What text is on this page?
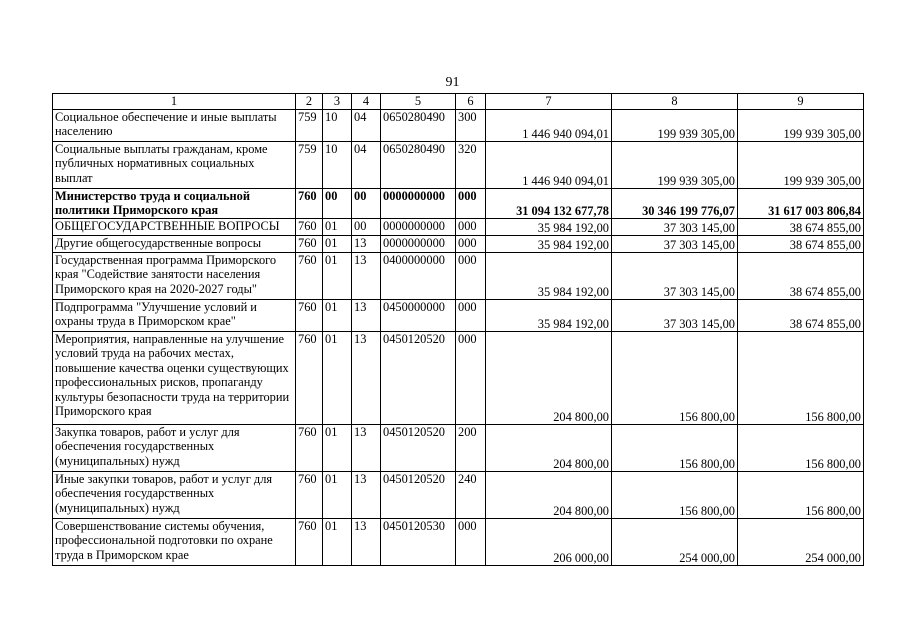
91
1	2	3	4	5	6	7	8	9
Социальное обеспечение и иные выплаты населению	759	10	04	0650280490	300	1 446 940 094,01	199 939 305,00	199 939 305,00
Социальные выплаты гражданам, кроме публичных нормативных социальных выплат	759	10	04	0650280490	320	1 446 940 094,01	199 939 305,00	199 939 305,00
Министерство труда и социальной политики Приморского края	760	00	00	0000000000	000	31 094 132 677,78	30 346 199 776,07	31 617 003 806,84
ОБЩЕГОСУДАРСТВЕННЫЕ ВОПРОСЫ	760	01	00	0000000000	000	35 984 192,00	37 303 145,00	38 674 855,00
Другие общегосударственные вопросы	760	01	13	0000000000	000	35 984 192,00	37 303 145,00	38 674 855,00
Государственная программа Приморского края "Содействие занятости населения Приморского края на 2020-2027 годы"	760	01	13	0400000000	000	35 984 192,00	37 303 145,00	38 674 855,00
Подпрограмма "Улучшение условий и охраны труда в Приморском крае"	760	01	13	0450000000	000	35 984 192,00	37 303 145,00	38 674 855,00
Мероприятия, направленные на улучшение условий труда на рабочих местах, повышение качества оценки существующих профессиональных рисков, пропаганду культуры безопасности труда на территории Приморского края	760	01	13	0450120520	000	204 800,00	156 800,00	156 800,00
Закупка товаров, работ и услуг для обеспечения государственных (муниципальных) нужд	760	01	13	0450120520	200	204 800,00	156 800,00	156 800,00
Иные закупки товаров, работ и услуг для обеспечения государственных (муниципальных) нужд	760	01	13	0450120520	240	204 800,00	156 800,00	156 800,00
Совершенствование системы обучения, профессиональной подготовки по охране труда в Приморском крае	760	01	13	0450120530	000	206 000,00	254 000,00	254 000,00
